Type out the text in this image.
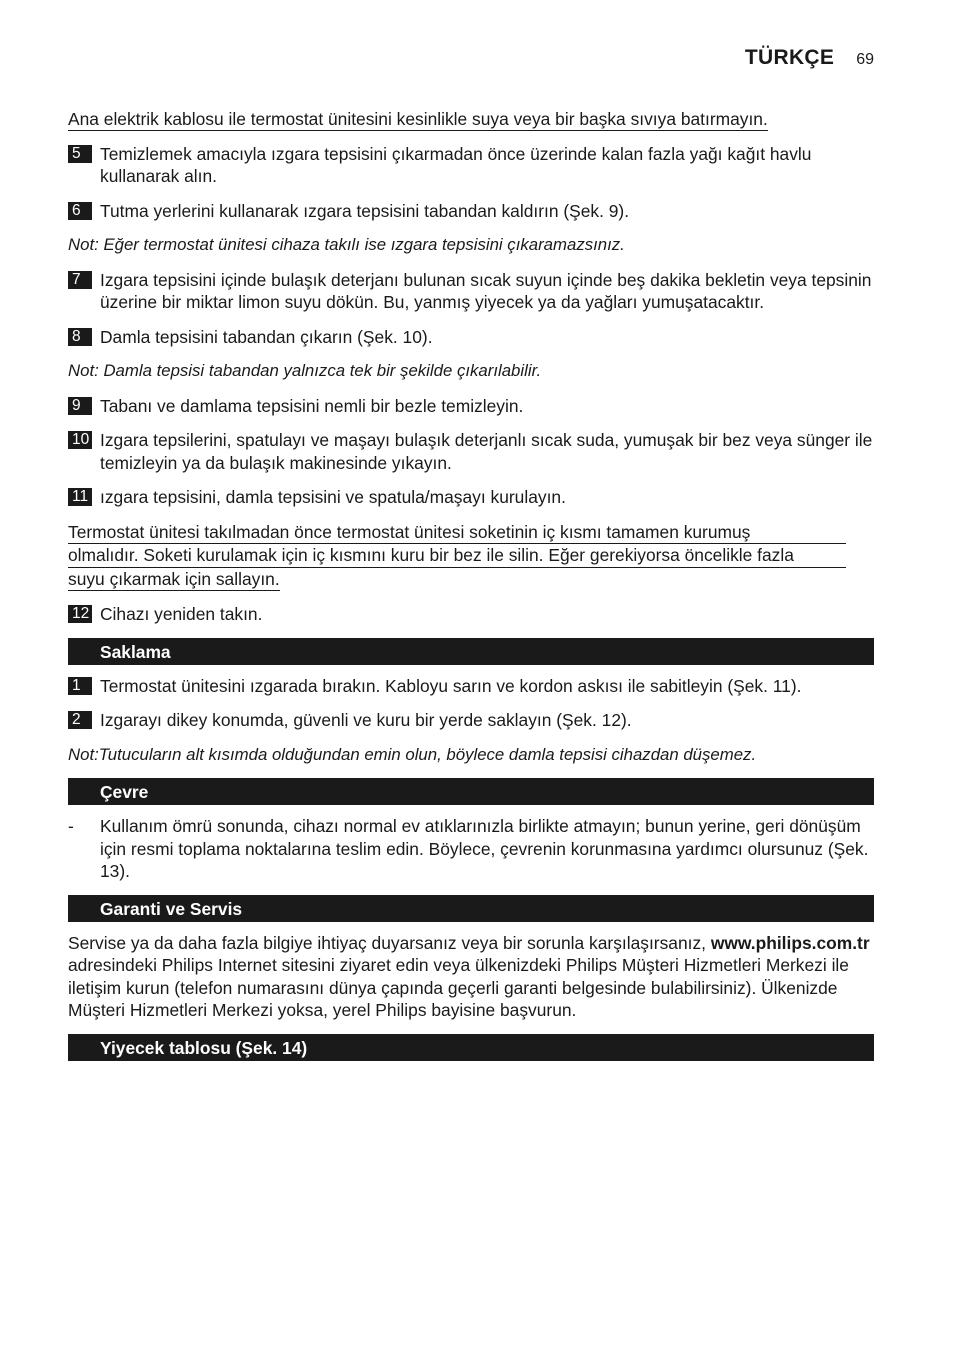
TÜRKÇE 69
Ana elektrik kablosu ile termostat ünitesini kesinlikle suya veya bir başka sıvıya batırmayın.
5	Temizlemek amacıyla ızgara tepsisini çıkarmadan önce üzerinde kalan fazla yağı kağıt havlu kullanarak alın.
6	Tutma yerlerini kullanarak ızgara tepsisini tabandan kaldırın (Şek. 9).
Not: Eğer termostat ünitesi cihaza takılı ise ızgara tepsisini çıkaramazsınız.
7	Izgara tepsisini içinde bulaşık deterjanı bulunan sıcak suyun içinde beş dakika bekletin veya tepsinin üzerine bir miktar limon suyu dökün. Bu, yanmış yiyecek ya da yağları yumuşatacaktır.
8	Damla tepsisini tabandan çıkarın (Şek. 10).
Not: Damla tepsisi tabandan yalnızca tek bir şekilde çıkarılabilir.
9	Tabanı ve damlama tepsisini nemli bir bezle temizleyin.
10 Izgara tepsilerini, spatulayı ve maşayı bulaşık deterjanlı sıcak suda, yumuşak bir bez veya sünger ile temizleyin ya da bulaşık makinesinde yıkayın.
11 ızgara tepsisini, damla tepsisini ve spatula/maşayı kurulayın.
Termostat ünitesi takılmadan önce termostat ünitesi soketinin iç kısmı tamamen kurumuş
olmalıdır. Soketi kurulamak için iç kısmını kuru bir bez ile silin. Eğer gerekiyorsa öncelikle fazla
suyu çıkarmak için sallayın.
12 Cihazı yeniden takın.
Saklama
1	Termostat ünitesini ızgarada bırakın. Kabloyu sarın ve kordon askısı ile sabitleyin (Şek. 11).
2	Izgarayı dikey konumda, güvenli ve kuru bir yerde saklayın (Şek. 12).
Not:Tutucuların alt kısımda olduğundan emin olun, böylece damla tepsisi cihazdan düşemez.
Çevre
-	Kullanım ömrü sonunda, cihazı normal ev atıklarınızla birlikte atmayın; bunun yerine, geri dönüşüm için resmi toplama noktalarına teslim edin. Böylece, çevrenin korunmasına yardımcı olursunuz (Şek. 13).
Garanti ve Servis
Servise ya da daha fazla bilgiye ihtiyaç duyarsanız veya bir sorunla karşılaşırsanız, www.philips.com.tr adresindeki Philips Internet sitesini ziyaret edin veya ülkenizdeki Philips Müşteri Hizmetleri Merkezi ile iletişim kurun (telefon numarasını dünya çapında geçerli garanti belgesinde bulabilirsiniz). Ülkenizde Müşteri Hizmetleri Merkezi yoksa, yerel Philips bayisine başvurun.
Yiyecek tablosu (Şek. 14)
